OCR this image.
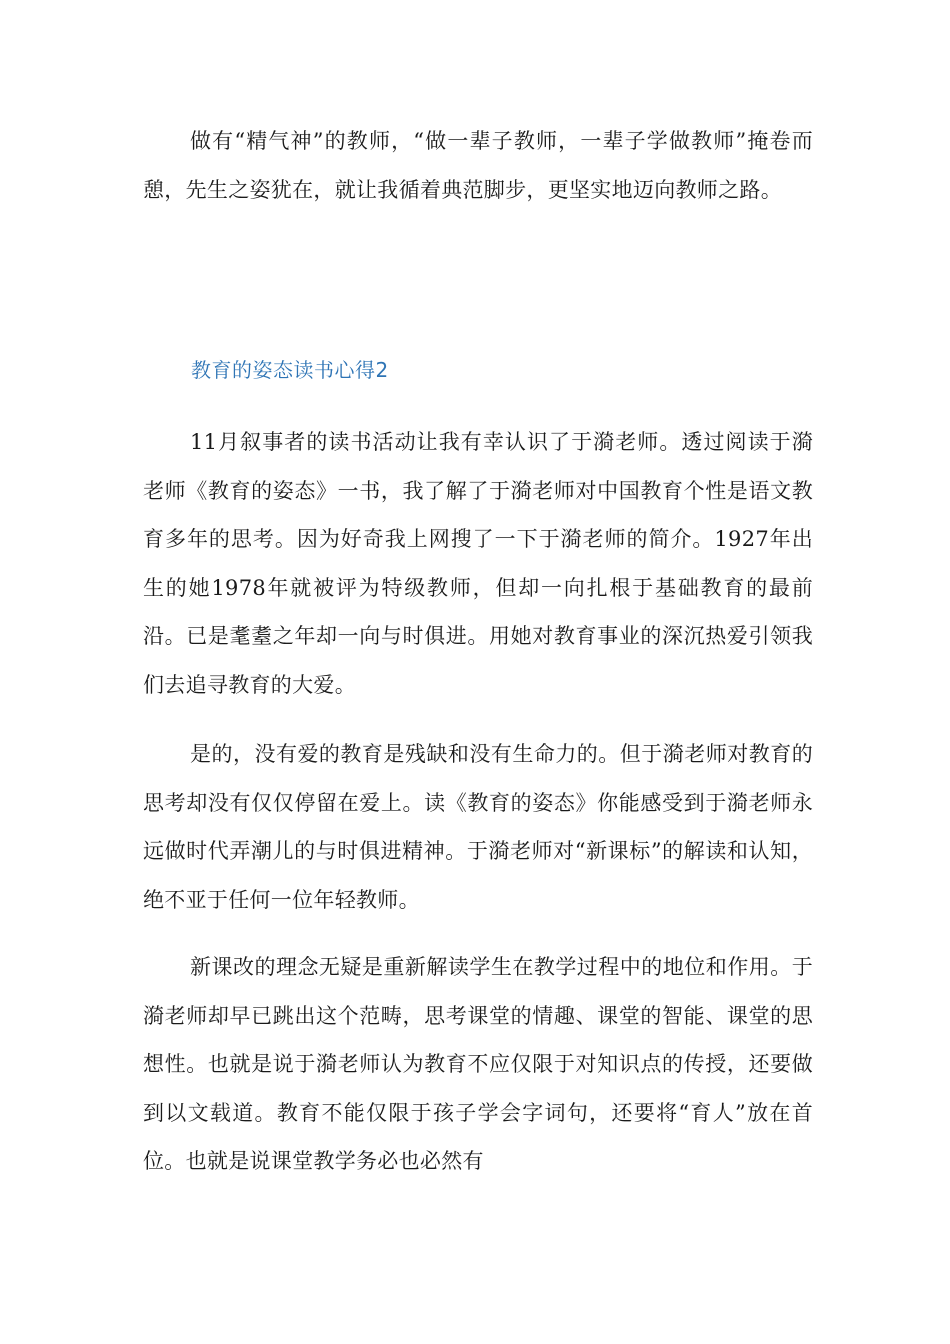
做有“精气神”的教师，“做一辈子教师，一辈子学做教师”掩卷而憩，先生之姿犹在，就让我循着典范脚步，更坚实地迈向教师之路。

教育的姿态读书心得2

11月叙事者的读书活动让我有幸认识了于漪老师。透过阅读于漪老师《教育的姿态》一书，我了解了于漪老师对中国教育个性是语文教育多年的思考。因为好奇我上网搜了一下于漪老师的简介。1927年出生的她1978年就被评为特级教师，但却一向扎根于基础教育的最前沿。已是耄耋之年却一向与时俱进。用她对教育事业的深沉热爱引领我们去追寻教育的大爱。

是的，没有爱的教育是残缺和没有生命力的。但于漪老师对教育的思考却没有仅仅停留在爱上。读《教育的姿态》你能感受到于漪老师永远做时代弄潮儿的与时俱进精神。于漪老师对“新课标”的解读和认知，绝不亚于任何一位年轻教师。

新课改的理念无疑是重新解读学生在教学过程中的地位和作用。于漪老师却早已跳出这个范畴，思考课堂的情趣、课堂的智能、课堂的思想性。也就是说于漪老师认为教育不应仅限于对知识点的传授，还要做到以文载道。教育不能仅限于孩子学会字词句，还要将“育人”放在首位。也就是说课堂教学务必也必然有
